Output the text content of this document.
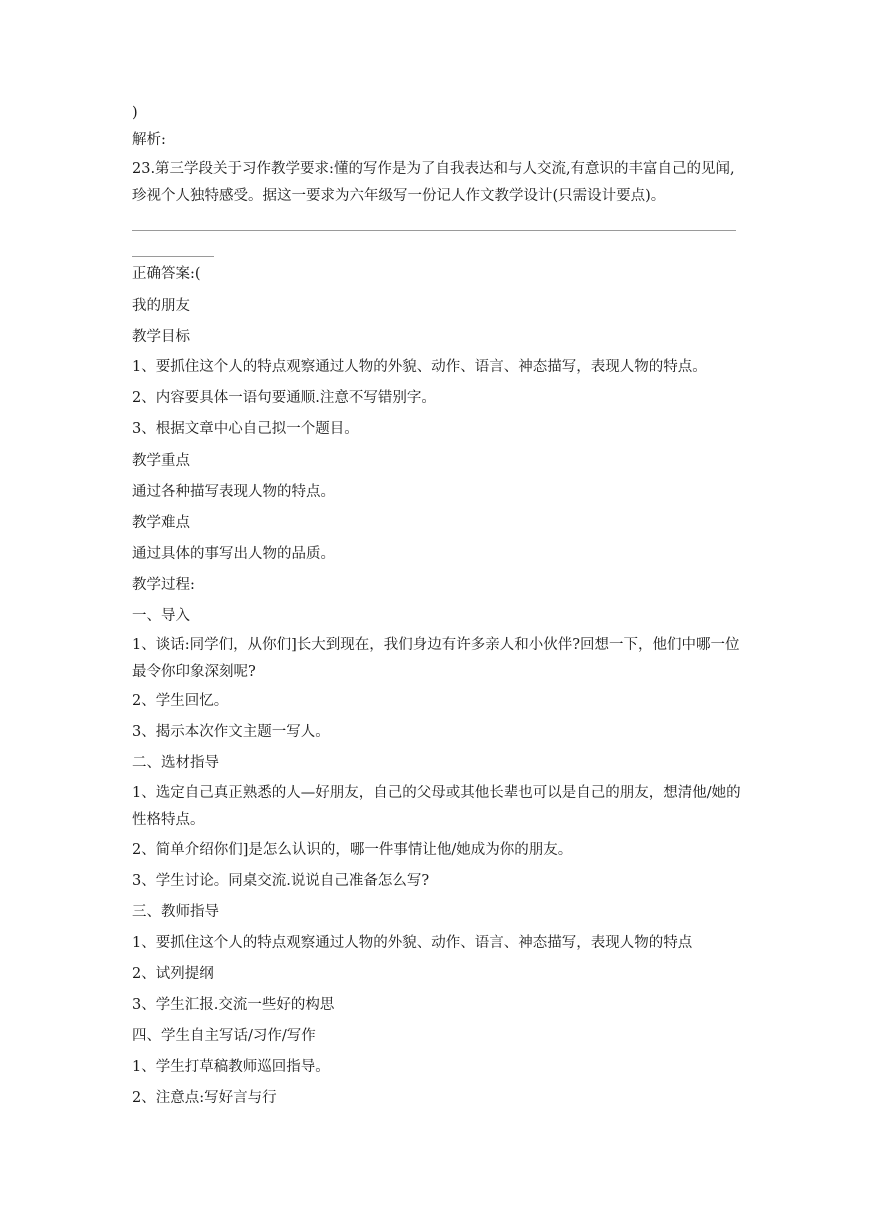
)
解析:
23.第三学段关于习作教学要求:懂的写作是为了自我表达和与人交流,有意识的丰富自己的见闻,珍视个人独特感受。据这一要求为六年级写一份记人作文教学设计(只需设计要点)。
正确答案:(
我的朋友
教学目标
1、要抓住这个人的特点观察通过人物的外貌、动作、语言、神态描写，表现人物的特点。
2、内容要具体一语句要通顺.注意不写错别字。
3、根据文章中心自己拟一个题目。
教学重点
通过各种描写表现人物的特点。
教学难点
通过具体的事写出人物的品质。
教学过程:
一、导入
1、谈话:同学们，从你们]长大到现在，我们身边有许多亲人和小伙伴?回想一下，他们中哪一位最令你印象深刻呢?
2、学生回忆。
3、揭示本次作文主题一写人。
二、选材指导
1、选定自己真正熟悉的人—好朋友，自己的父母或其他长辈也可以是自己的朋友，想清他/她的性格特点。
2、简单介绍你们]是怎么认识的，哪一件事情让他/她成为你的朋友。
3、学生讨论。同桌交流.说说自己准备怎么写?
三、教师指导
1、要抓住这个人的特点观察通过人物的外貌、动作、语言、神态描写，表现人物的特点
2、试列提纲
3、学生汇报.交流一些好的构思
四、学生自主写话/习作/写作
1、学生打草稿教师巡回指导。
2、注意点:写好言与行
